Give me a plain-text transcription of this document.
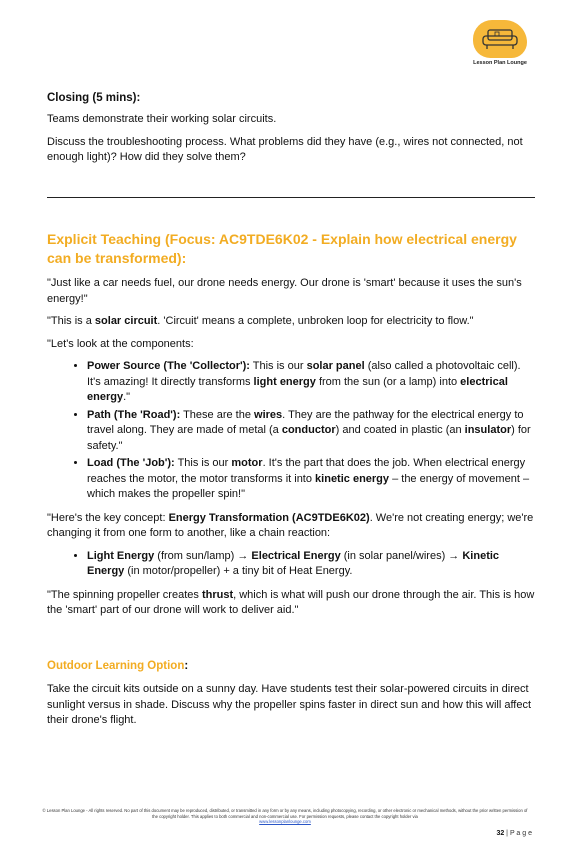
Lesson Plan Lounge

Closing (5 mins):

Teams demonstrate their working solar circuits.

Discuss the troubleshooting process. What problems did they have (e.g., wires not connected, not enough light)? How did they solve them?

Explicit Teaching (Focus: AC9TDE6K02 - Explain how electrical energy can be transformed):

"Just like a car needs fuel, our drone needs energy. Our drone is 'smart' because it uses the sun's energy!"

"This is a solar circuit. 'Circuit' means a complete, unbroken loop for electricity to flow."

"Let's look at the components:

• Power Source (The 'Collector'): This is our solar panel (also called a photovoltaic cell). It's amazing! It directly transforms light energy from the sun (or a lamp) into electrical energy."
• Path (The 'Road'): These are the wires. They are the pathway for the electrical energy to travel along. They are made of metal (a conductor) and coated in plastic (an insulator) for safety."
• Load (The 'Job'): This is our motor. It's the part that does the job. When electrical energy reaches the motor, the motor transforms it into kinetic energy – the energy of movement – which makes the propeller spin!"

"Here's the key concept: Energy Transformation (AC9TDE6K02). We're not creating energy; we're changing it from one form to another, like a chain reaction:

• Light Energy (from sun/lamp) → Electrical Energy (in solar panel/wires) → Kinetic Energy (in motor/propeller) + a tiny bit of Heat Energy.

"The spinning propeller creates thrust, which is what will push our drone through the air. This is how the 'smart' part of our drone will work to deliver aid."

Outdoor Learning Option:

Take the circuit kits outside on a sunny day. Have students test their solar-powered circuits in direct sunlight versus in shade. Discuss why the propeller spins faster in direct sun and how this will affect their drone's flight.

© Lesson Plan Lounge - All rights reserved. No part of this document may be reproduced, distributed, or transmitted in any form or by any means, including photocopying, recording, or other electronic or mechanical methods, without the prior written permission of the copyright holder. This applies to both commercial and non-commercial use. For permission requests, please contact the copyright holder via
www.lessonplanlounge.com
32 | P a g e
